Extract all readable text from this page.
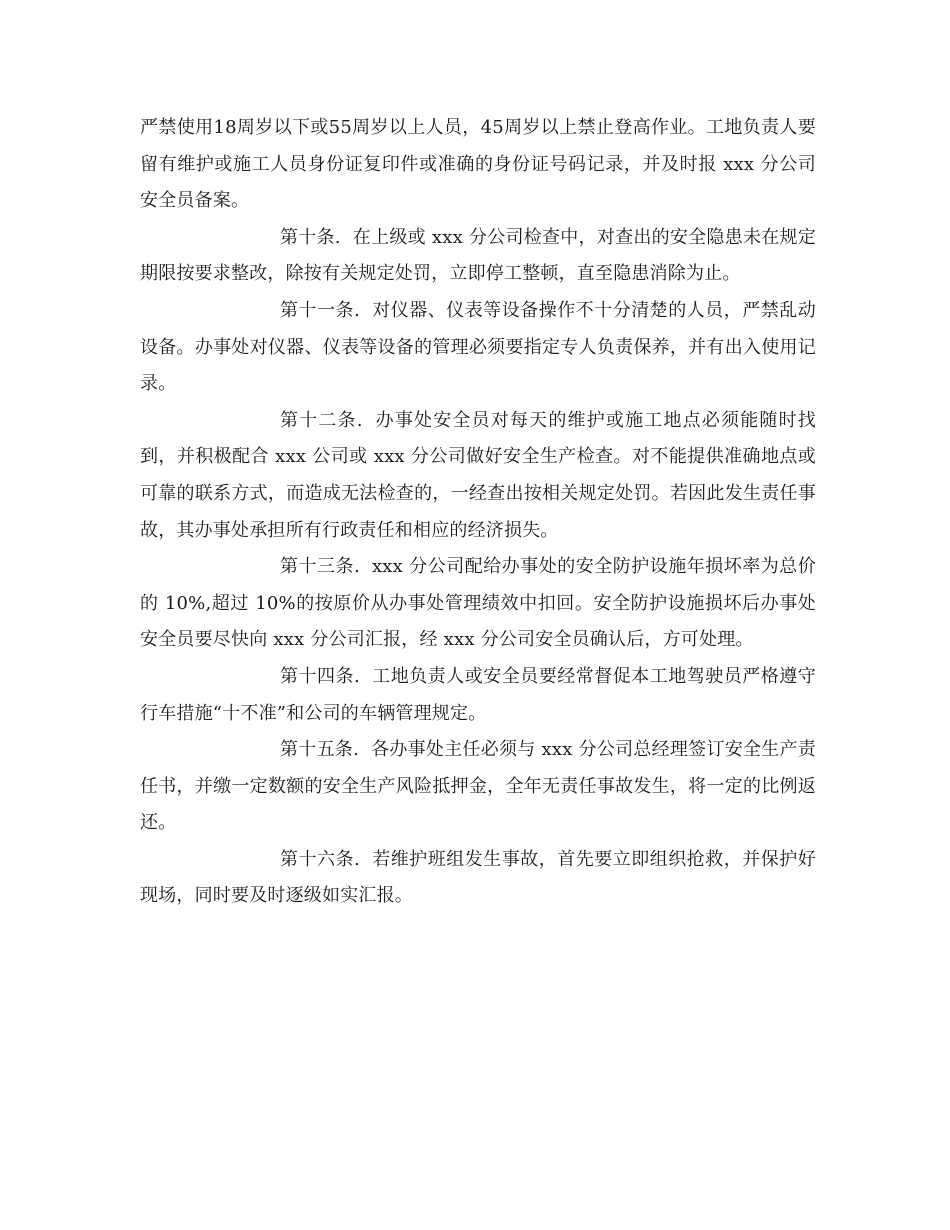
严禁使用18周岁以下或55周岁以上人员，45周岁以上禁止登高作业。工地负责人要留有维护或施工人员身份证复印件或准确的身份证号码记录，并及时报 xxx 分公司安全员备案。

第十条. 在上级或 xxx 分公司检查中，对查出的安全隐患未在规定期限按要求整改，除按有关规定处罚，立即停工整顿，直至隐患消除为止。

第十一条. 对仪器、仪表等设备操作不十分清楚的人员，严禁乱动设备。办事处对仪器、仪表等设备的管理必须要指定专人负责保养，并有出入使用记录。

第十二条. 办事处安全员对每天的维护或施工地点必须能随时找到，并积极配合 xxx 公司或 xxx 分公司做好安全生产检查。对不能提供准确地点或可靠的联系方式，而造成无法检查的，一经查出按相关规定处罚。若因此发生责任事故，其办事处承担所有行政责任和相应的经济损失。

第十三条. xxx 分公司配给办事处的安全防护设施年损坏率为总价的 10%,超过 10%的按原价从办事处管理绩效中扣回。安全防护设施损坏后办事处安全员要尽快向 xxx 分公司汇报，经 xxx 分公司安全员确认后，方可处理。

第十四条. 工地负责人或安全员要经常督促本工地驾驶员严格遵守行车措施“十不准”和公司的车辆管理规定。

第十五条. 各办事处主任必须与 xxx 分公司总经理签订安全生产责任书，并缴一定数额的安全生产风险抵押金，全年无责任事故发生，将一定的比例返还。

第十六条. 若维护班组发生事故，首先要立即组织抢救，并保护好现场，同时要及时逐级如实汇报。
